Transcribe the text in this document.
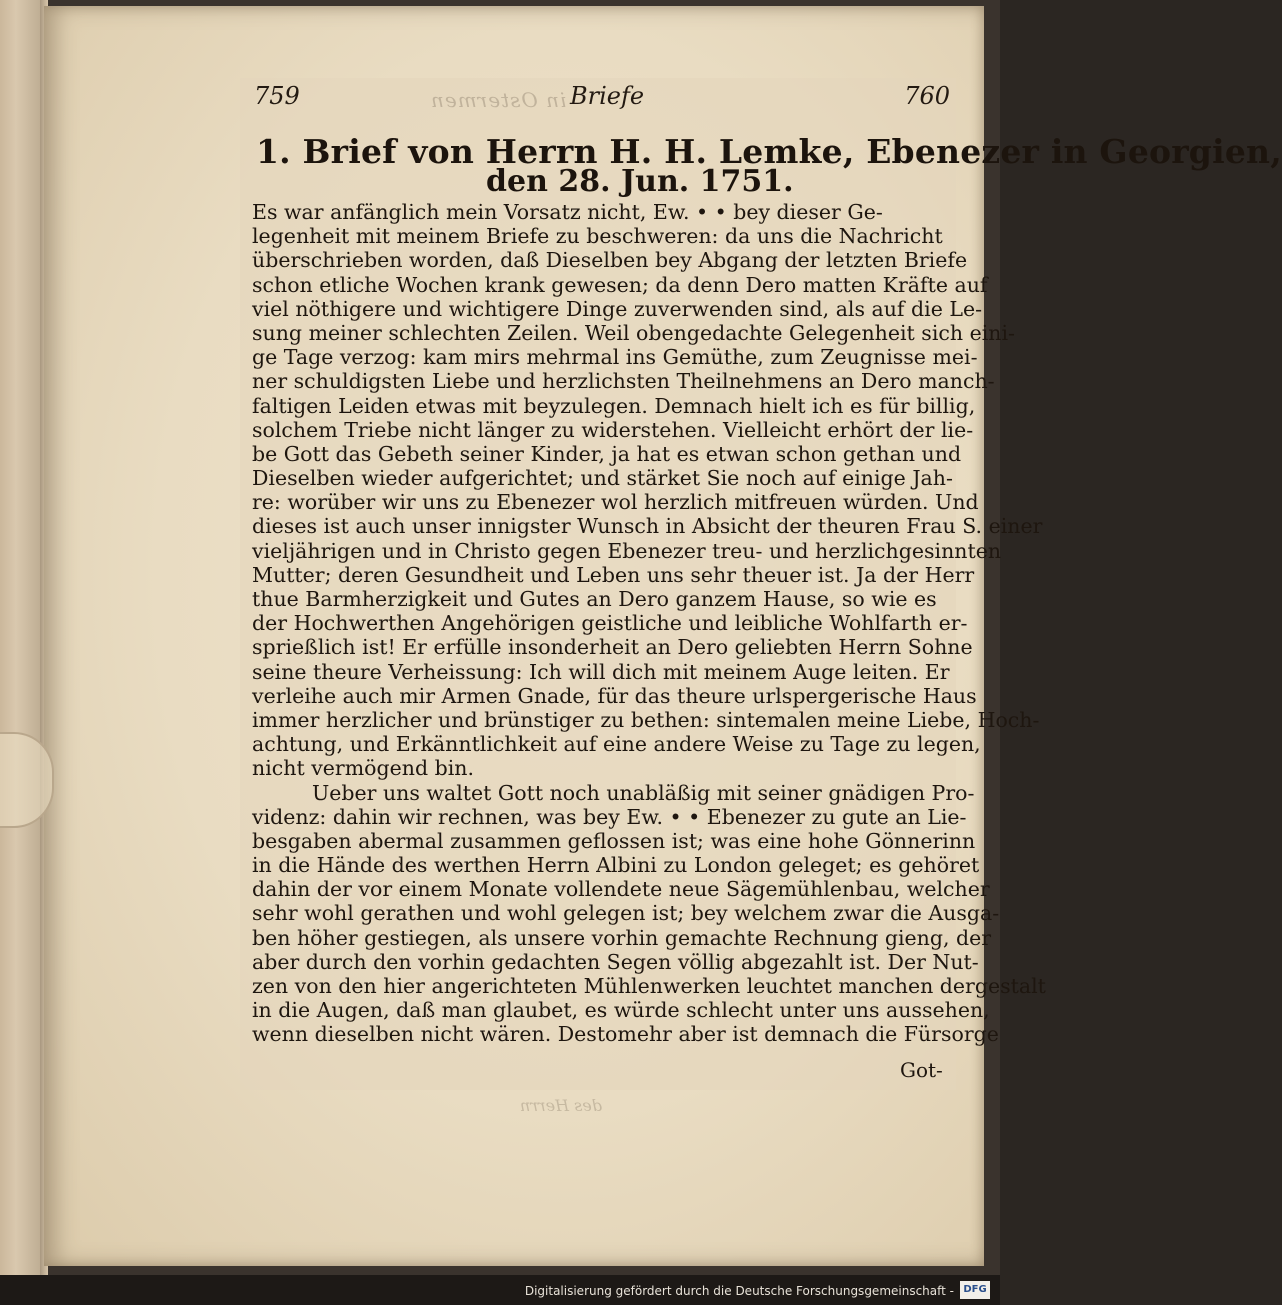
in Ostermen
759	Briefe	760
1. Brief von Herrn H. H. Lemke, Ebenezer in Georgien,
den 28. Jun. 1751.
Es war anfänglich mein Vorsatz nicht, Ew. • • bey dieser Ge-
legenheit mit meinem Briefe zu beschweren: da uns die Nachricht
überschrieben worden, daß Dieselben bey Abgang der letzten Briefe
schon etliche Wochen krank gewesen; da denn Dero matten Kräfte auf
viel nöthigere und wichtigere Dinge zuverwenden sind, als auf die Le-
sung meiner schlechten Zeilen. Weil obengedachte Gelegenheit sich eini-
ge Tage verzog: kam mirs mehrmal ins Gemüthe, zum Zeugnisse mei-
ner schuldigsten Liebe und herzlichsten Theilnehmens an Dero manch-
faltigen Leiden etwas mit beyzulegen. Demnach hielt ich es für billig,
solchem Triebe nicht länger zu widerstehen. Vielleicht erhört der lie-
be Gott das Gebeth seiner Kinder, ja hat es etwan schon gethan und
Dieselben wieder aufgerichtet; und stärket Sie noch auf einige Jah-
re: worüber wir uns zu Ebenezer wol herzlich mitfreuen würden. Und
dieses ist auch unser innigster Wunsch in Absicht der theuren Frau S. einer
vieljährigen und in Christo gegen Ebenezer treu- und herzlichgesinnten
Mutter; deren Gesundheit und Leben uns sehr theuer ist. Ja der Herr
thue Barmherzigkeit und Gutes an Dero ganzem Hause, so wie es
der Hochwerthen Angehörigen geistliche und leibliche Wohlfarth er-
sprießlich ist! Er erfülle insonderheit an Dero geliebten Herrn Sohne
seine theure Verheissung: Ich will dich mit meinem Auge leiten. Er
verleihe auch mir Armen Gnade, für das theure urlspergerische Haus
immer herzlicher und brünstiger zu bethen: sintemalen meine Liebe, Hoch-
achtung, und Erkänntlichkeit auf eine andere Weise zu Tage zu legen,
nicht vermögend bin.
Ueber uns waltet Gott noch unabläßig mit seiner gnädigen Pro-
videnz: dahin wir rechnen, was bey Ew. • • Ebenezer zu gute an Lie-
besgaben abermal zusammen geflossen ist; was eine hohe Gönnerinn
in die Hände des werthen Herrn Albini zu London geleget; es gehöret
dahin der vor einem Monate vollendete neue Sägemühlenbau, welcher
sehr wohl gerathen und wohl gelegen ist; bey welchem zwar die Ausga-
ben höher gestiegen, als unsere vorhin gemachte Rechnung gieng, der
aber durch den vorhin gedachten Segen völlig abgezahlt ist. Der Nut-
zen von den hier angerichteten Mühlenwerken leuchtet manchen dergestalt
in die Augen, daß man glaubet, es würde schlecht unter uns aussehen,
wenn dieselben nicht wären. Destomehr aber ist demnach die Fürsorge
Got-
des Herrn
Digitalisierung gefördert durch die Deutsche Forschungsgemeinschaft - DFG
